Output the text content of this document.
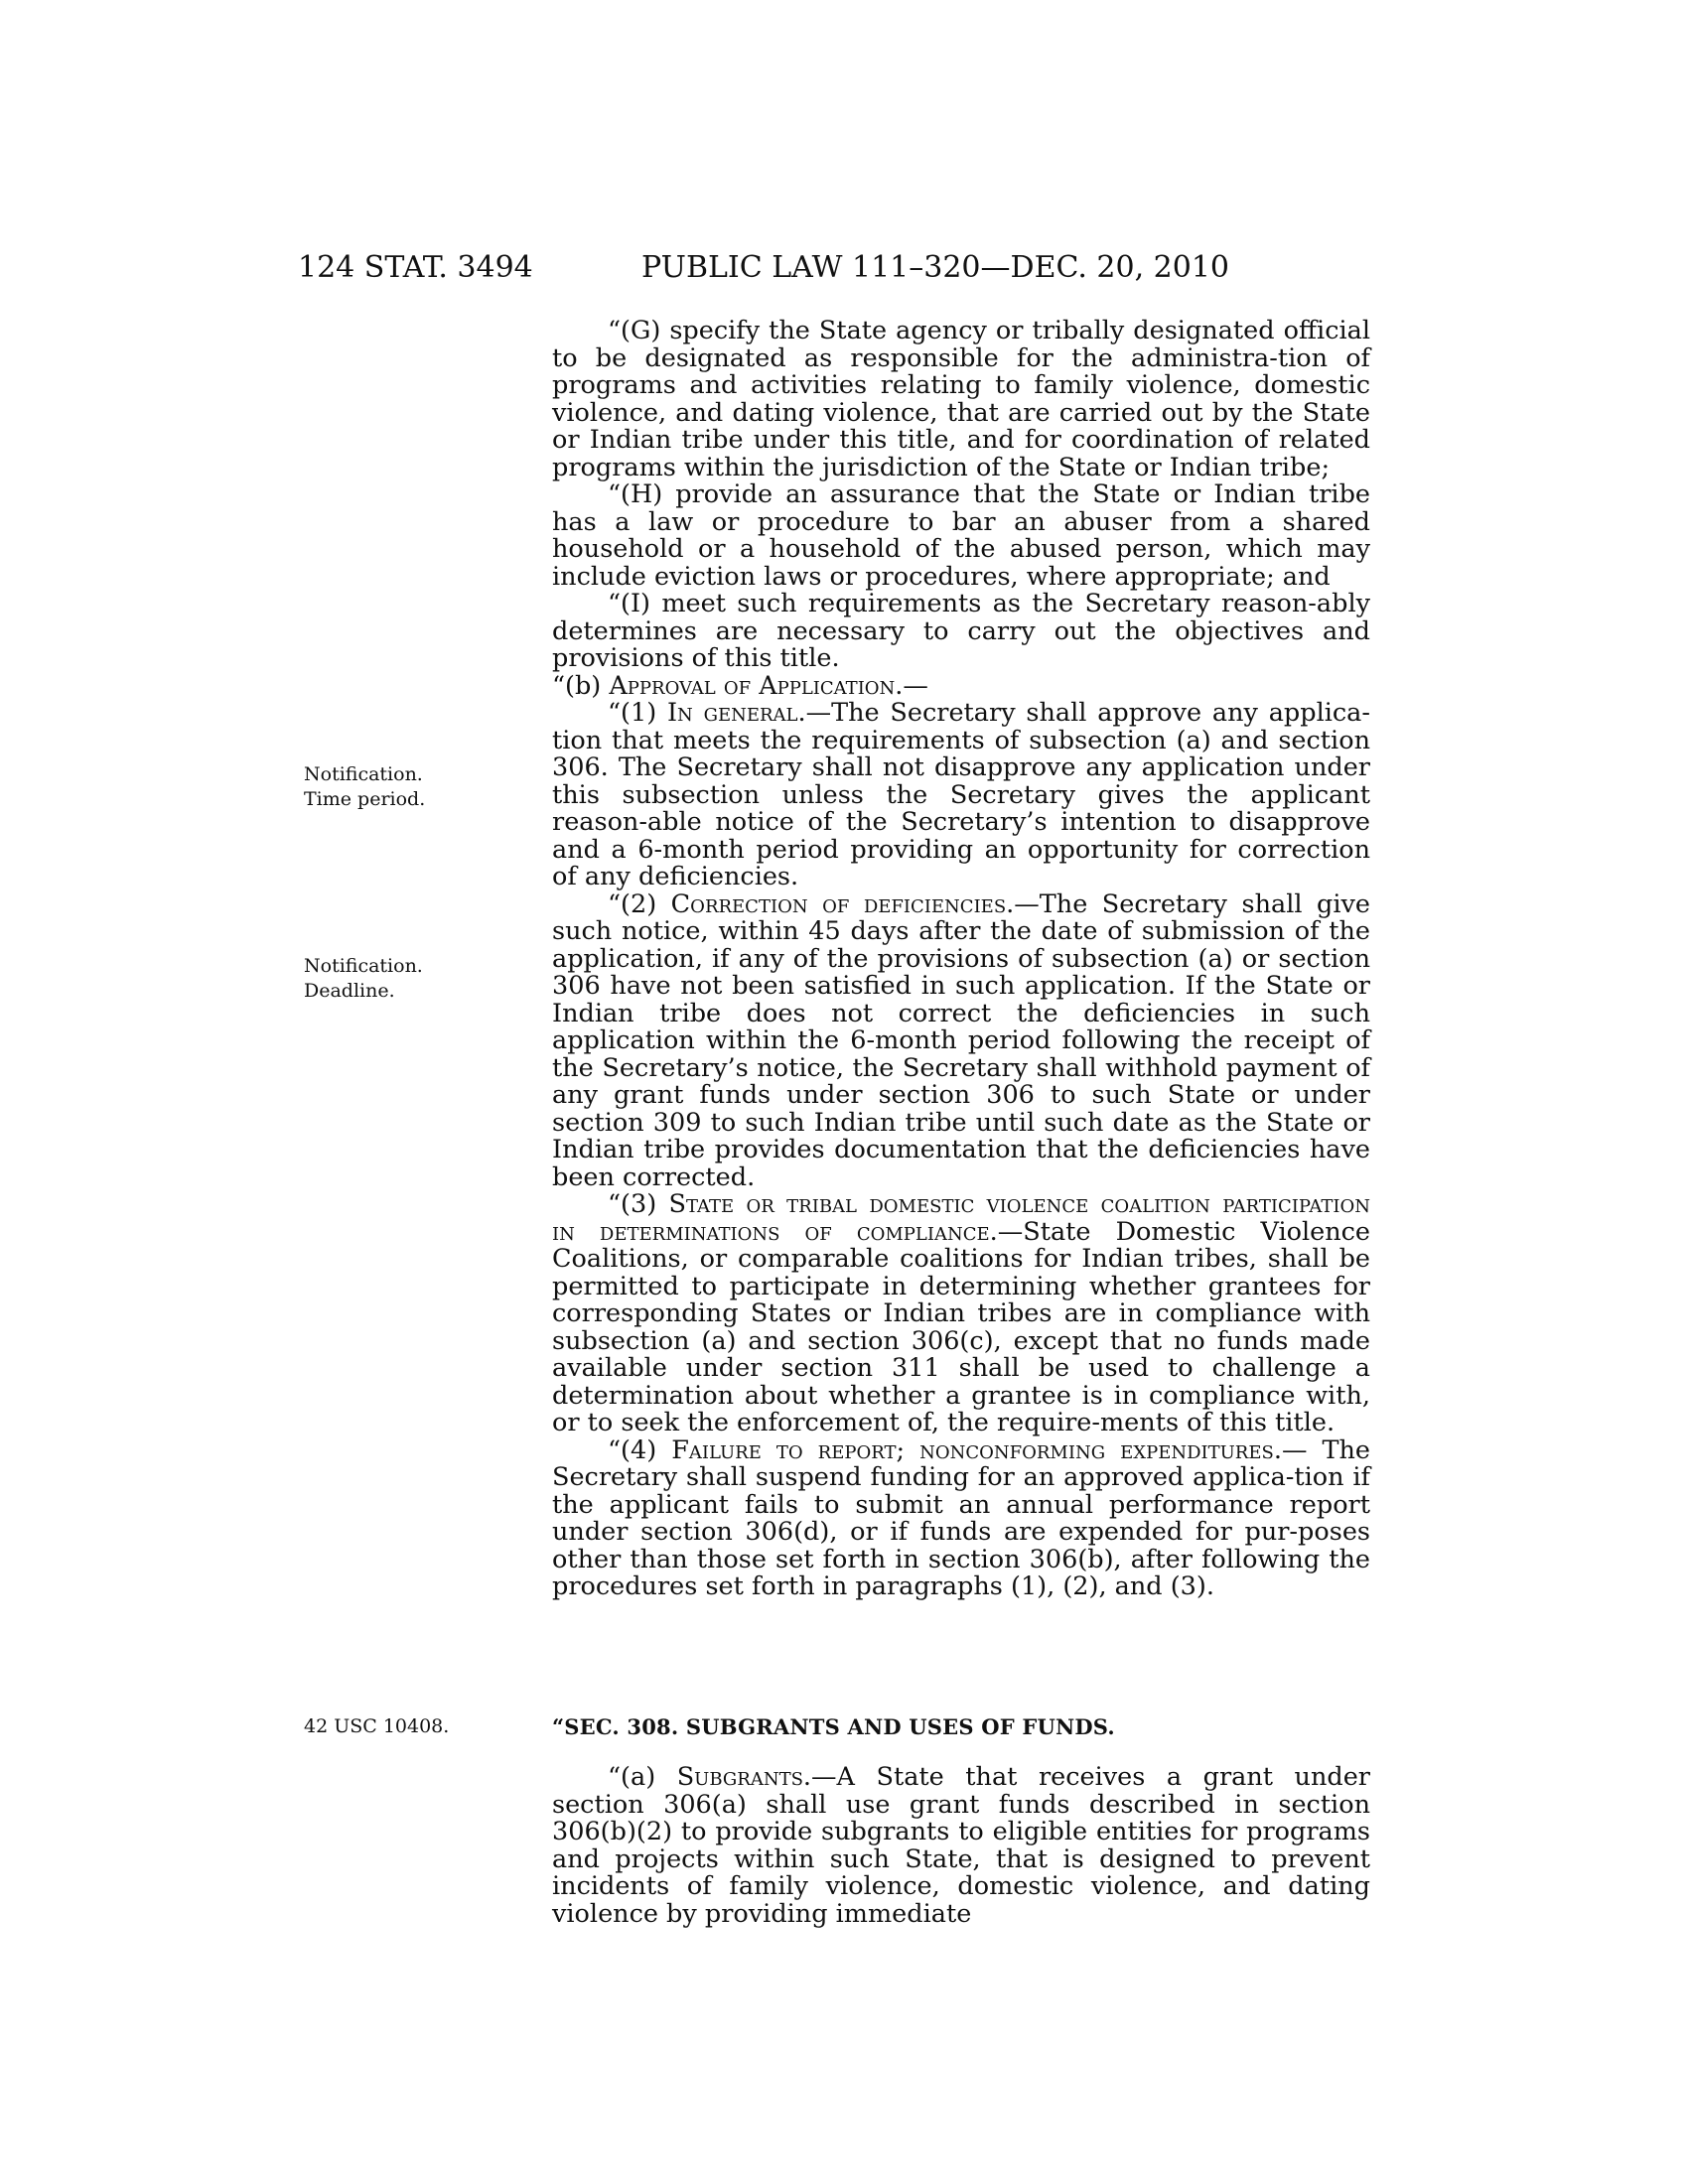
124 STAT. 3494	PUBLIC LAW 111–320—DEC. 20, 2010
Notification.
Time period.
Notification.
Deadline.
42 USC 10408.

“(G) specify the State agency or tribally designated official to be designated as responsible for the administra-tion of programs and activities relating to family violence, domestic violence, and dating violence, that are carried out by the State or Indian tribe under this title, and for coordination of related programs within the jurisdiction of the State or Indian tribe;

“(H) provide an assurance that the State or Indian tribe has a law or procedure to bar an abuser from a shared household or a household of the abused person, which may include eviction laws or procedures, where appropriate; and

“(I) meet such requirements as the Secretary reason-ably determines are necessary to carry out the objectives and provisions of this title.

“(b) Approval of Application.—

“(1) In general.—The Secretary shall approve any applica-tion that meets the requirements of subsection (a) and section 306. The Secretary shall not disapprove any application under this subsection unless the Secretary gives the applicant reason-able notice of the Secretary’s intention to disapprove and a 6-month period providing an opportunity for correction of any deficiencies.

“(2) Correction of deficiencies.—The Secretary shall give such notice, within 45 days after the date of submission of the application, if any of the provisions of subsection (a) or section 306 have not been satisfied in such application. If the State or Indian tribe does not correct the deficiencies in such application within the 6-month period following the receipt of the Secretary’s notice, the Secretary shall withhold payment of any grant funds under section 306 to such State or under section 309 to such Indian tribe until such date as the State or Indian tribe provides documentation that the deficiencies have been corrected.

“(3) State or tribal domestic violence coalition participation in determinations of compliance.—State Domestic Violence Coalitions, or comparable coalitions for Indian tribes, shall be permitted to participate in determining whether grantees for corresponding States or Indian tribes are in compliance with subsection (a) and section 306(c), except that no funds made available under section 311 shall be used to challenge a determination about whether a grantee is in compliance with, or to seek the enforcement of, the require-ments of this title.

“(4) Failure to report; nonconforming expenditures.— The Secretary shall suspend funding for an approved applica-tion if the applicant fails to submit an annual performance report under section 306(d), or if funds are expended for pur-poses other than those set forth in section 306(b), after following the procedures set forth in paragraphs (1), (2), and (3).

“SEC. 308. SUBGRANTS AND USES OF FUNDS.

“(a) Subgrants.—A State that receives a grant under section 306(a) shall use grant funds described in section 306(b)(2) to provide subgrants to eligible entities for programs and projects within such State, that is designed to prevent incidents of family violence, domestic violence, and dating violence by providing immediate
